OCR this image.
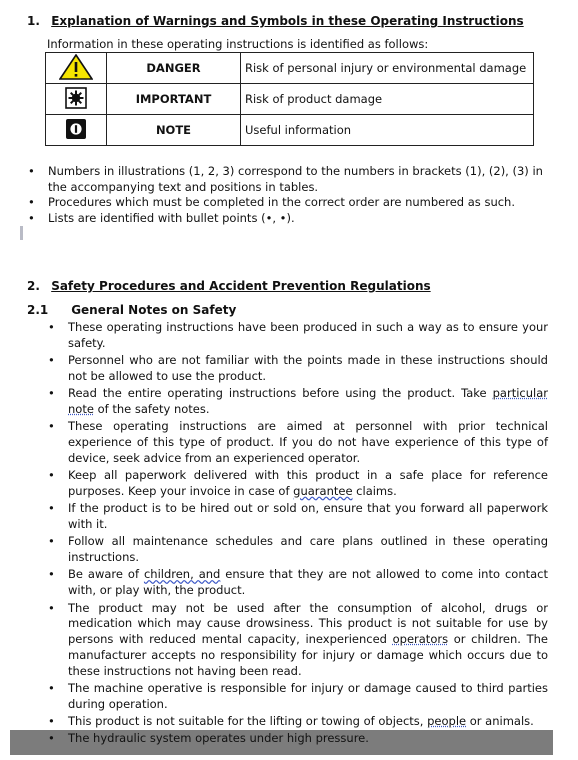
1. Explanation of Warnings and Symbols in these Operating Instructions
Information in these operating instructions is identified as follows:
	DANGER	Risk of personal injury or environmental damage
	IMPORTANT	Risk of product damage
	NOTE	Useful information
• Numbers in illustrations (1, 2, 3) correspond to the numbers in brackets (1), (2), (3) in the accompanying text and positions in tables.
• Procedures which must be completed in the correct order are numbered as such.
• Lists are identified with bullet points (•, •).
2. Safety Procedures and Accident Prevention Regulations
2.1 General Notes on Safety
• These operating instructions have been produced in such a way as to ensure your safety.
• Personnel who are not familiar with the points made in these instructions should not be allowed to use the product.
• Read the entire operating instructions before using the product. Take particular note of the safety notes.
• These operating instructions are aimed at personnel with prior technical experience of this type of product. If you do not have experience of this type of device, seek advice from an experienced operator.
• Keep all paperwork delivered with this product in a safe place for reference purposes. Keep your invoice in case of guarantee claims.
• If the product is to be hired out or sold on, ensure that you forward all paperwork with it.
• Follow all maintenance schedules and care plans outlined in these operating instructions.
• Be aware of children, and ensure that they are not allowed to come into contact with, or play with, the product.
• The product may not be used after the consumption of alcohol, drugs or medication which may cause drowsiness. This product is not suitable for use by persons with reduced mental capacity, inexperienced operators or children. The manufacturer accepts no responsibility for injury or damage which occurs due to these instructions not having been read.
• The machine operative is responsible for injury or damage caused to third parties during operation.
• This product is not suitable for the lifting or towing of objects, people or animals.
• The hydraulic system operates under high pressure.
